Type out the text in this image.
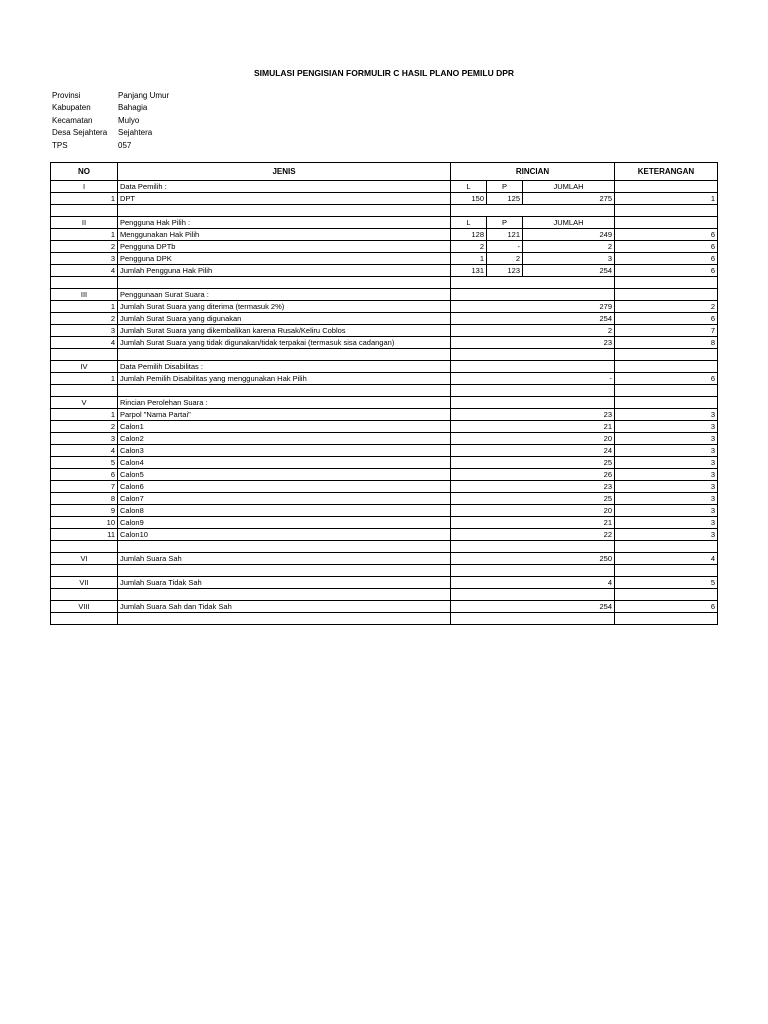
SIMULASI PENGISIAN FORMULIR C HASIL PLANO PEMILU DPR
Provinsi	Panjang Umur
Kabupaten	Bahagia
Kecamatan	Mulyo
Desa Sejahtera	Sejahtera
TPS	057
NO	JENIS	RINCIAN			KETERANGAN
I	Data Pemilih :	L	P	JUMLAH	
1	DPT	150	125	275	1

II	Pengguna Hak Pilih :	L	P	JUMLAH	
1	Menggunakan Hak Pilih	128	121	249	6
2	Pengguna DPTb	2	-	2	6
3	Pengguna DPK	1	2	3	6
4	Jumlah Pengguna Hak Pilih	131	123	254	6

III	Penggunaan Surat Suara :				
1	Jumlah Surat Suara yang diterima (termasuk 2%)	279			2
2	Jumlah Surat Suara yang digunakan	254			6
3	Jumlah Surat Suara yang dikembalikan karena Rusak/Keliru Coblos	2			7
4	Jumlah Surat Suara yang tidak digunakan/tidak terpakai (termasuk sisa cadangan)	23			8

IV	Data Pemilih Disabilitas :				
1	Jumlah Pemilih Disabilitas yang menggunakan Hak Pilih	-			6

V	Rincian Perolehan Suara :				
1	Parpol "Nama Partai"	23			3
2	Calon1	21			3
3	Calon2	20			3
4	Calon3	24			3
5	Calon4	25			3
6	Calon5	26			3
7	Calon6	23			3
8	Calon7	25			3
9	Calon8	20			3
10	Calon9	21			3
11	Calon10	22			3

VI	Jumlah Suara Sah	250			4

VII	Jumlah Suara Tidak Sah	4			5

VIII	Jumlah Suara Sah dan Tidak Sah	254			6
